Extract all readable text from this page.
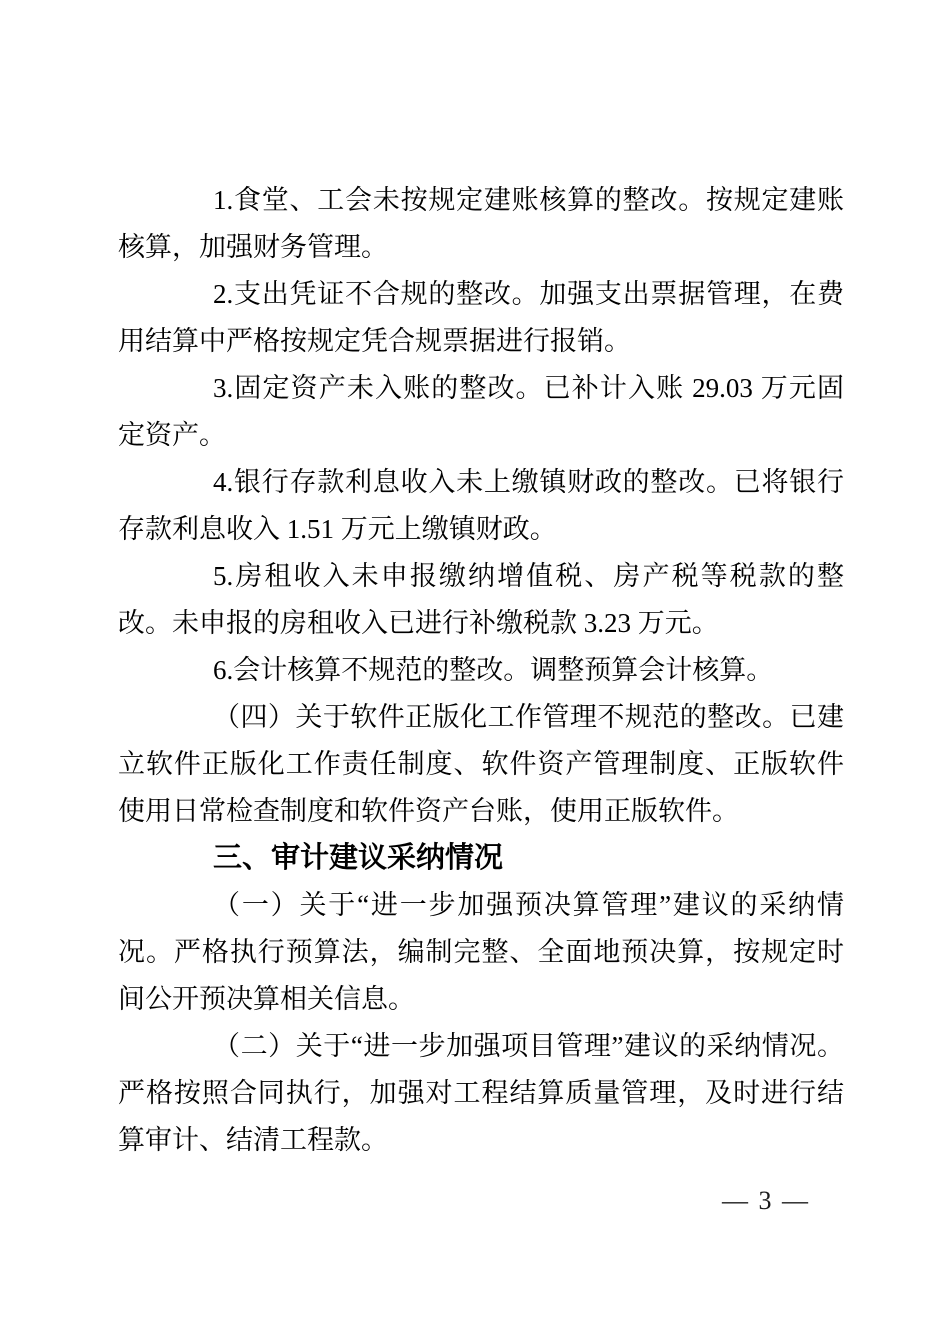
1.食堂、工会未按规定建账核算的整改。按规定建账核算，加强财务管理。

2.支出凭证不合规的整改。加强支出票据管理，在费用结算中严格按规定凭合规票据进行报销。

3.固定资产未入账的整改。已补计入账 29.03 万元固定资产。

4.银行存款利息收入未上缴镇财政的整改。已将银行存款利息收入 1.51 万元上缴镇财政。

5.房租收入未申报缴纳增值税、房产税等税款的整改。未申报的房租收入已进行补缴税款 3.23 万元。

6.会计核算不规范的整改。调整预算会计核算。

（四）关于软件正版化工作管理不规范的整改。已建立软件正版化工作责任制度、软件资产管理制度、正版软件使用日常检查制度和软件资产台账，使用正版软件。

三、审计建议采纳情况

（一）关于“进一步加强预决算管理”建议的采纳情况。严格执行预算法，编制完整、全面地预决算，按规定时间公开预决算相关信息。

（二）关于“进一步加强项目管理”建议的采纳情况。严格按照合同执行，加强对工程结算质量管理，及时进行结算审计、结清工程款。

— 3 —
